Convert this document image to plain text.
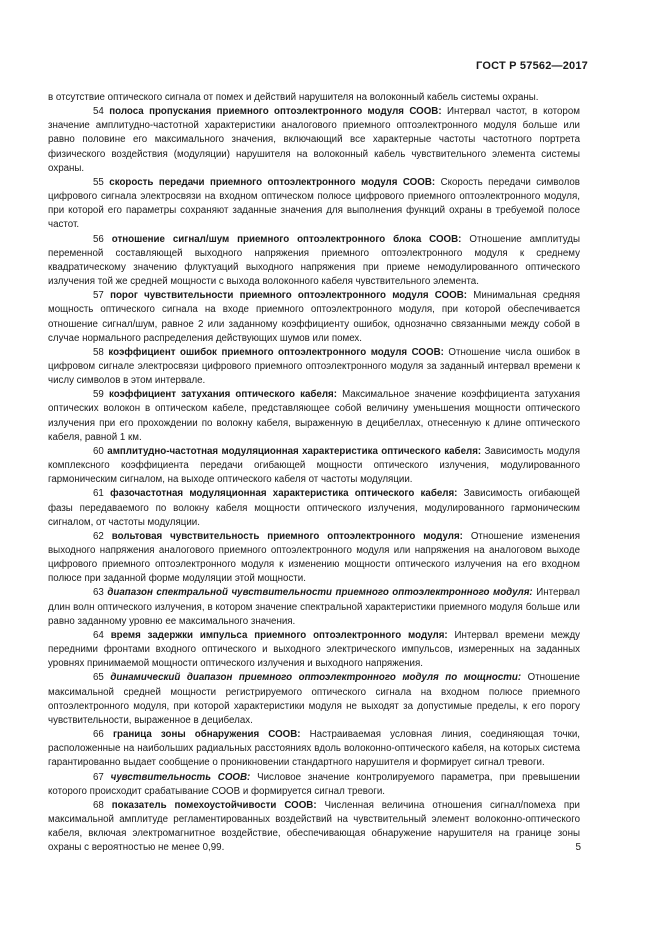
ГОСТ Р 57562—2017

в отсутствие оптического сигнала от помех и действий нарушителя на волоконный кабель системы охраны.

54 полоса пропускания приемного оптоэлектронного модуля СООВ: Интервал частот, в котором значение амплитудно-частотной характеристики аналогового приемного оптоэлектронного модуля больше или равно половине его максимального значения, включающий все характерные частоты частотного портрета физического воздействия (модуляции) нарушителя на волоконный кабель чувствительного элемента системы охраны.

55 скорость передачи приемного оптоэлектронного модуля СООВ: Скорость передачи символов цифрового сигнала электросвязи на входном оптическом полюсе цифрового приемного оптоэлектронного модуля, при которой его параметры сохраняют заданные значения для выполнения функций охраны в требуемой полосе частот.

56 отношение сигнал/шум приемного оптоэлектронного блока СООВ: Отношение амплитуды переменной составляющей выходного напряжения приемного оптоэлектронного модуля к среднему квадратическому значению флуктуаций выходного напряжения при приеме немодулированного оптического излучения той же средней мощности с выхода волоконного кабеля чувствительного элемента.

57 порог чувствительности приемного оптоэлектронного модуля СООВ: Минимальная средняя мощность оптического сигнала на входе приемного оптоэлектронного модуля, при которой обеспечивается отношение сигнал/шум, равное 2 или заданному коэффициенту ошибок, однозначно связанными между собой в случае нормального распределения действующих шумов или помех.

58 коэффициент ошибок приемного оптоэлектронного модуля СООВ: Отношение числа ошибок в цифровом сигнале электросвязи цифрового приемного оптоэлектронного модуля за заданный интервал времени к числу символов в этом интервале.

59 коэффициент затухания оптического кабеля: Максимальное значение коэффициента затухания оптических волокон в оптическом кабеле, представляющее собой величину уменьшения мощности оптического излучения при его прохождении по волокну кабеля, выраженную в децибеллах, отнесенную к длине оптического кабеля, равной 1 км.

60 амплитудно-частотная модуляционная характеристика оптического кабеля: Зависимость модуля комплексного коэффициента передачи огибающей мощности оптического излучения, модулированного гармоническим сигналом, на выходе оптического кабеля от частоты модуляции.

61 фазочастотная модуляционная характеристика оптического кабеля: Зависимость огибающей фазы передаваемого по волокну кабеля мощности оптического излучения, модулированного гармоническим сигналом, от частоты модуляции.

62 вольтовая чувствительность приемного оптоэлектронного модуля: Отношение изменения выходного напряжения аналогового приемного оптоэлектронного модуля или напряжения на аналоговом выходе цифрового приемного оптоэлектронного модуля к изменению мощности оптического излучения на его входном полюсе при заданной форме модуляции этой мощности.

63 диапазон спектральной чувствительности приемного оптоэлектронного модуля: Интервал длин волн оптического излучения, в котором значение спектральной характеристики приемного модуля больше или равно заданному уровню ее максимального значения.

64 время задержки импульса приемного оптоэлектронного модуля: Интервал времени между передними фронтами входного оптического и выходного электрического импульсов, измеренных на заданных уровнях принимаемой мощности оптического излучения и выходного напряжения.

65 динамический диапазон приемного оптоэлектронного модуля по мощности: Отношение максимальной средней мощности регистрируемого оптического сигнала на входном полюсе приемного оптоэлектронного модуля, при которой характеристики модуля не выходят за допустимые пределы, к его порогу чувствительности, выраженное в децибелах.

66 граница зоны обнаружения СООВ: Настраиваемая условная линия, соединяющая точки, расположенные на наибольших радиальных расстояниях вдоль волоконно-оптического кабеля, на которых система гарантированно выдает сообщение о проникновении стандартного нарушителя и формирует сигнал тревоги.

67 чувствительность СООВ: Числовое значение контролируемого параметра, при превышении которого происходит срабатывание СООВ и формируется сигнал тревоги.

68 показатель помехоустойчивости СООВ: Численная величина отношения сигнал/помеха при максимальной амплитуде регламентированных воздействий на чувствительный элемент волоконно-оптического кабеля, включая электромагнитное воздействие, обеспечивающая обнаружение нарушителя на границе зоны охраны с вероятностью не менее 0,99.	5
